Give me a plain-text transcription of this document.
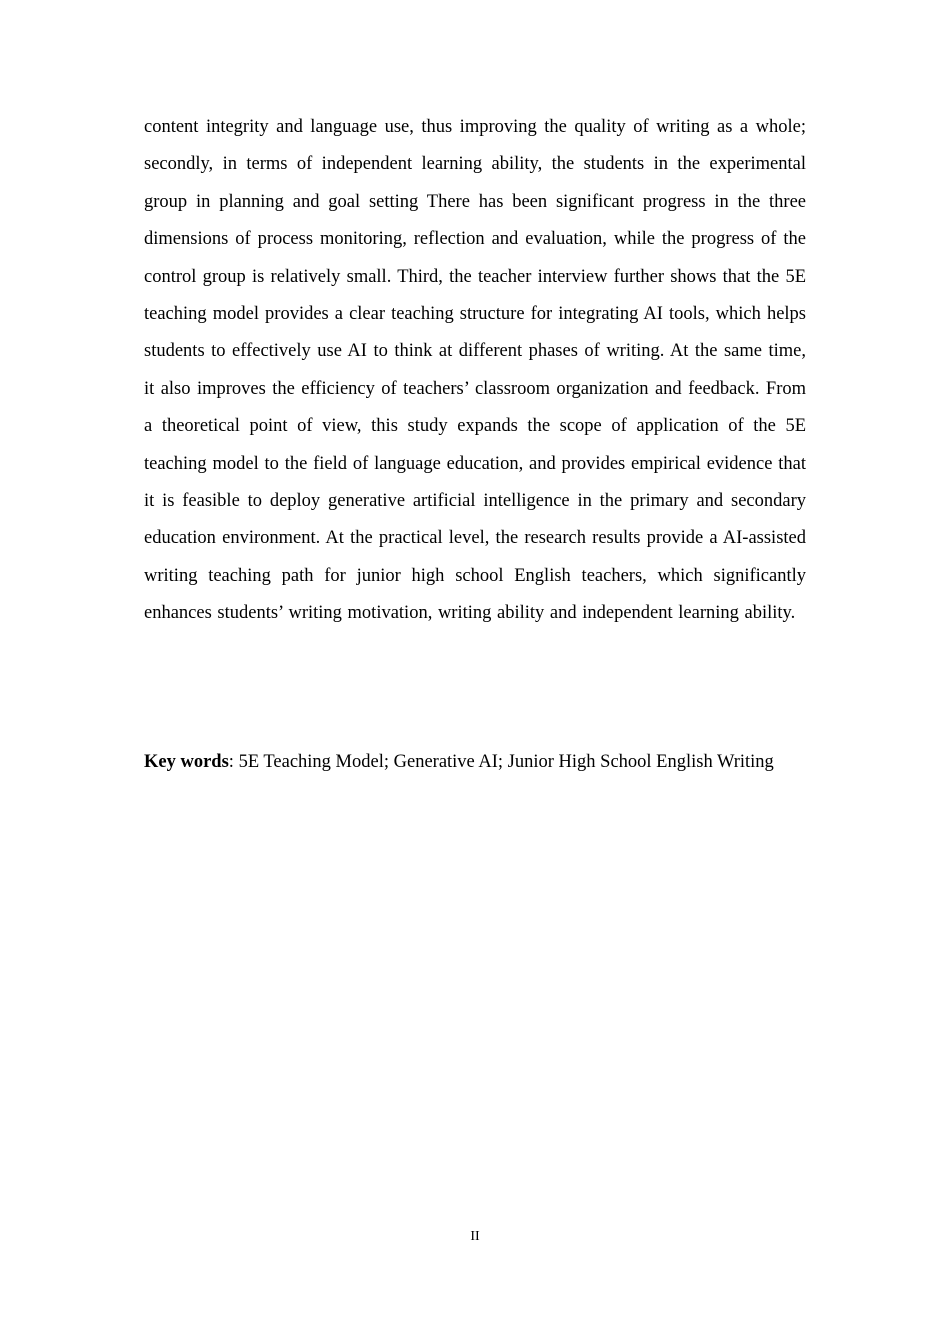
content integrity and language use, thus improving the quality of writing as a whole; secondly, in terms of independent learning ability, the students in the experimental group in planning and goal setting There has been significant progress in the three dimensions of process monitoring, reflection and evaluation, while the progress of the control group is relatively small. Third, the teacher interview further shows that the 5E teaching model provides a clear teaching structure for integrating AI tools, which helps students to effectively use AI to think at different phases of writing. At the same time, it also improves the efficiency of teachers’ classroom organization and feedback. From a theoretical point of view, this study expands the scope of application of the 5E teaching model to the field of language education, and provides empirical evidence that it is feasible to deploy generative artificial intelligence in the primary and secondary education environment. At the practical level, the research results provide a AI-assisted writing teaching path for junior high school English teachers, which significantly enhances students’ writing motivation, writing ability and independent learning ability.

Key words: 5E Teaching Model; Generative AI; Junior High School English Writing

II
